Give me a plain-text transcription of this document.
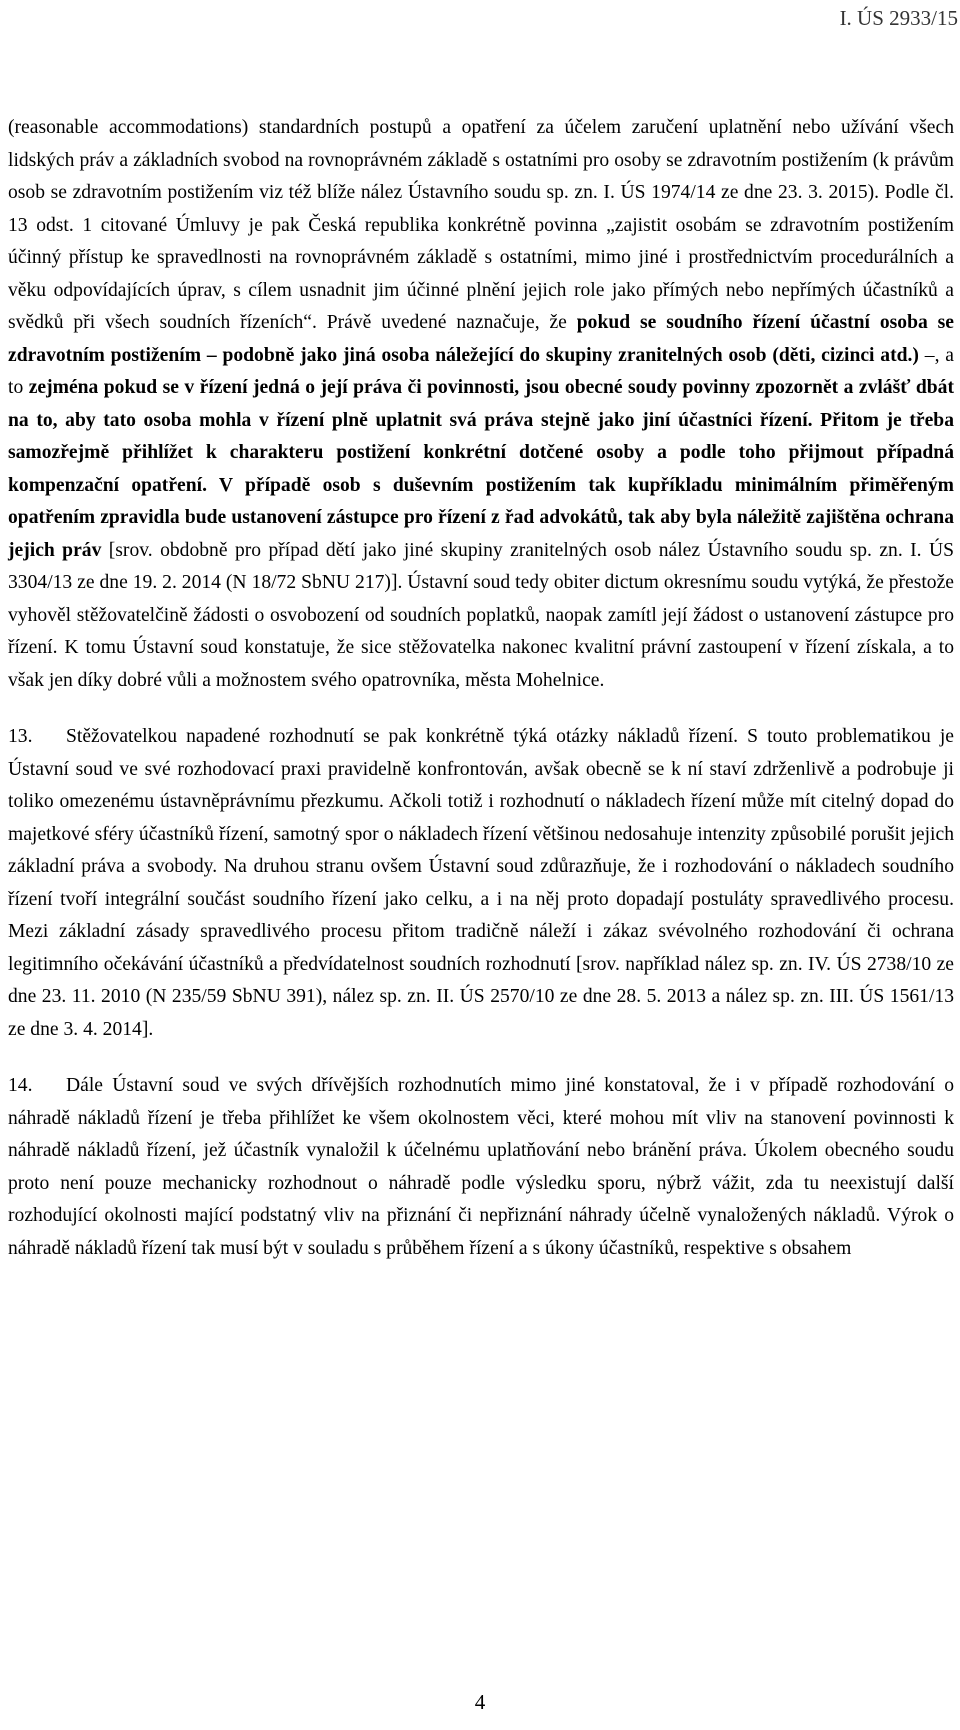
I. ÚS 2933/15

(reasonable accommodations) standardních postupů a opatření za účelem zaručení uplatnění nebo užívání všech lidských práv a základních svobod na rovnoprávném základě s ostatními pro osoby se zdravotním postižením (k právům osob se zdravotním postižením viz též blíže nález Ústavního soudu sp. zn. I. ÚS 1974/14 ze dne 23. 3. 2015). Podle čl. 13 odst. 1 citované Úmluvy je pak Česká republika konkrétně povinna „zajistit osobám se zdravotním postižením účinný přístup ke spravedlnosti na rovnoprávném základě s ostatními, mimo jiné i prostřednictvím procedurálních a věku odpovídajících úprav, s cílem usnadnit jim účinné plnění jejich role jako přímých nebo nepřímých účastníků a svědků při všech soudních řízeních“. Právě uvedené naznačuje, že pokud se soudního řízení účastní osoba se zdravotním postižením – podobně jako jiná osoba náležející do skupiny zranitelných osob (děti, cizinci atd.) –, a to zejména pokud se v řízení jedná o její práva či povinnosti, jsou obecné soudy povinny zpozornět a zvlášť dbát na to, aby tato osoba mohla v řízení plně uplatnit svá práva stejně jako jiní účastníci řízení. Přitom je třeba samozřejmě přihlížet k charakteru postižení konkrétní dotčené osoby a podle toho přijmout případná kompenzační opatření. V případě osob s duševním postižením tak kupříkladu minimálním přiměřeným opatřením zpravidla bude ustanovení zástupce pro řízení z řad advokátů, tak aby byla náležitě zajištěna ochrana jejich práv [srov. obdobně pro případ dětí jako jiné skupiny zranitelných osob nález Ústavního soudu sp. zn. I. ÚS 3304/13 ze dne 19. 2. 2014 (N 18/72 SbNU 217)]. Ústavní soud tedy obiter dictum okresnímu soudu vytýká, že přestože vyhověl stěžovatelčině žádosti o osvobození od soudních poplatků, naopak zamítl její žádost o ustanovení zástupce pro řízení. K tomu Ústavní soud konstatuje, že sice stěžovatelka nakonec kvalitní právní zastoupení v řízení získala, a to však jen díky dobré vůli a možnostem svého opatrovníka, města Mohelnice.

13. Stěžovatelkou napadené rozhodnutí se pak konkrétně týká otázky nákladů řízení. S touto problematikou je Ústavní soud ve své rozhodovací praxi pravidelně konfrontován, avšak obecně se k ní staví zdrženlivě a podrobuje ji toliko omezenému ústavněprávnímu přezkumu. Ačkoli totiž i rozhodnutí o nákladech řízení může mít citelný dopad do majetkové sféry účastníků řízení, samotný spor o nákladech řízení většinou nedosahuje intenzity způsobilé porušit jejich základní práva a svobody. Na druhou stranu ovšem Ústavní soud zdůrazňuje, že i rozhodování o nákladech soudního řízení tvoří integrální součást soudního řízení jako celku, a i na něj proto dopadají postuláty spravedlivého procesu. Mezi základní zásady spravedlivého procesu přitom tradičně náleží i zákaz svévolného rozhodování či ochrana legitimního očekávání účastníků a předvídatelnost soudních rozhodnutí [srov. například nález sp. zn. IV. ÚS 2738/10 ze dne 23. 11. 2010 (N 235/59 SbNU 391), nález sp. zn. II. ÚS 2570/10 ze dne 28. 5. 2013 a nález sp. zn. III. ÚS 1561/13 ze dne 3. 4. 2014].

14. Dále Ústavní soud ve svých dřívějších rozhodnutích mimo jiné konstatoval, že i v případě rozhodování o náhradě nákladů řízení je třeba přihlížet ke všem okolnostem věci, které mohou mít vliv na stanovení povinnosti k náhradě nákladů řízení, jež účastník vynaložil k účelnému uplatňování nebo bránění práva. Úkolem obecného soudu proto není pouze mechanicky rozhodnout o náhradě podle výsledku sporu, nýbrž vážit, zda tu neexistují další rozhodující okolnosti mající podstatný vliv na přiznání či nepřiznání náhrady účelně vynaložených nákladů. Výrok o náhradě nákladů řízení tak musí být v souladu s průběhem řízení a s úkony účastníků, respektive s obsahem

4
